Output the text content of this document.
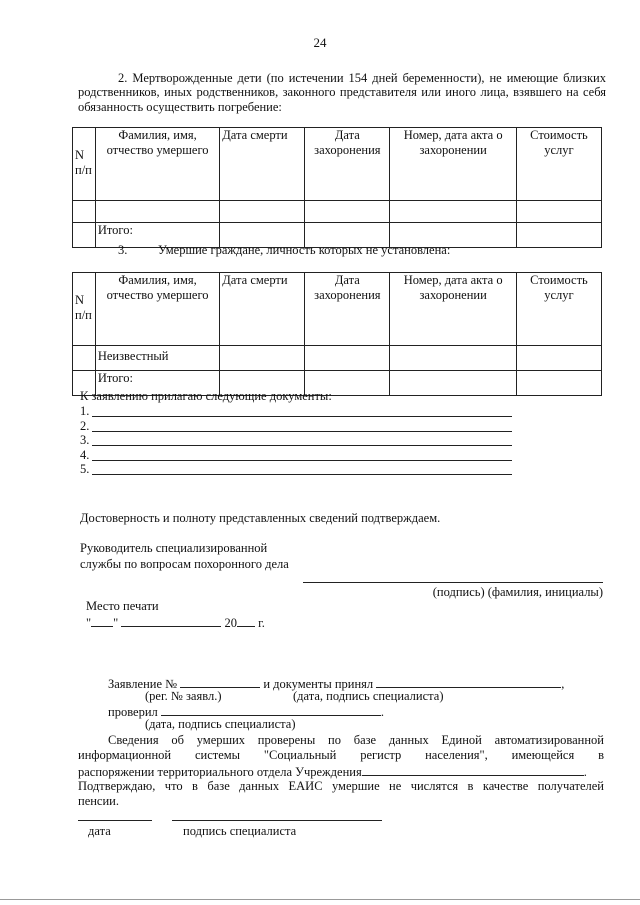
24
2. Мертворожденные дети (по истечении 154 дней беременности), не имеющие близких родственников, иных родственников, законного представителя или иного лица, взявшего на себя обязанность осуществить погребение:
N п/п	Фамилия, имя, отчество умершего	Дата смерти	Дата захоронения	Номер, дата акта о захоронении	Стоимость услуг

	Итого:				
3. Умершие граждане, личность которых не установлена:
N п/п	Фамилия, имя, отчество умершего	Дата смерти	Дата захоронения	Номер, дата акта о захоронении	Стоимость услуг
	Неизвестный				
	Итого:				
К заявлению прилагаю следующие документы:
1.
2.
3.
4.
5.
Достоверность и полноту представленных сведений подтверждаем.
Руководитель специализированной
службы по вопросам похоронного дела
(подпись) (фамилия, инициалы)
Место печати
" "	20 г.
Заявление №	и документы принял	,
(рег. № заявл.)	(дата, подпись специалиста)
проверил	.
(дата, подпись специалиста)
Сведения об умерших проверены по базе данных Единой автоматизированной
информационной системы "Социальный регистр населения", имеющейся в
распоряжении территориального отдела Учреждения	.
Подтверждаю, что в базе данных ЕАИС умершие не числятся в качестве получателей
пенсии.
дата	подпись специалиста
